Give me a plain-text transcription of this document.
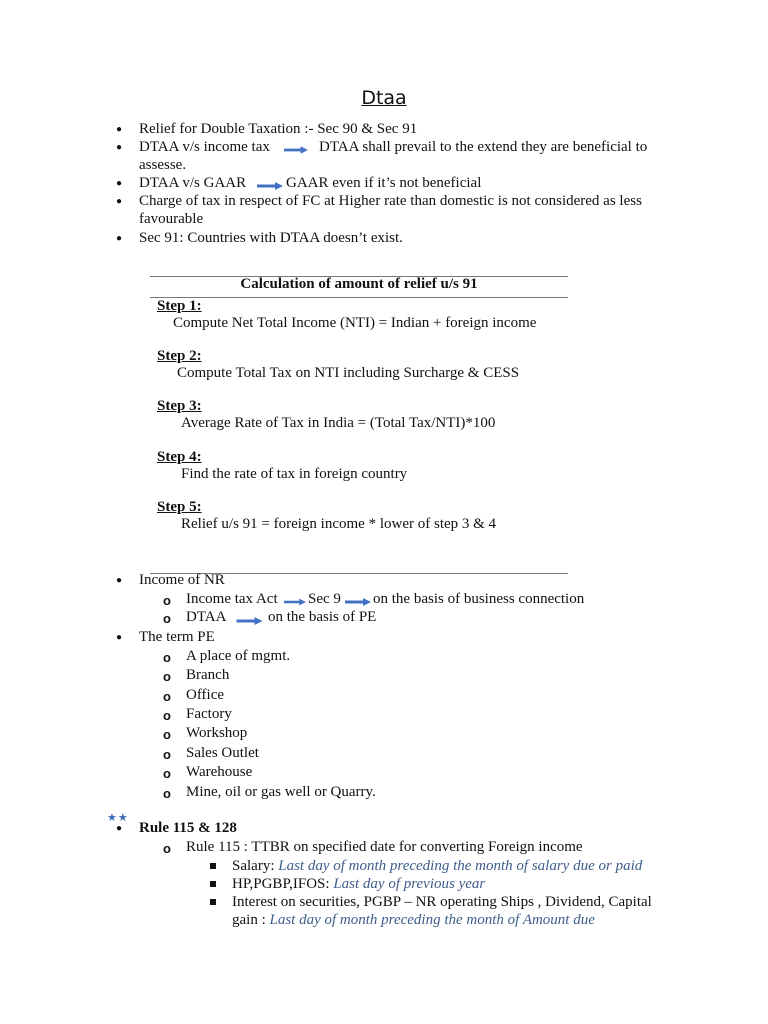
Dtaa
● Relief for Double Taxation :- Sec 90 & Sec 91
● DTAA v/s income tax	DTAA shall prevail to the extend they are beneficial to
assesse.
● DTAA v/s GAAR	GAAR even if it’s not beneficial
● Charge of tax in respect of FC at Higher rate than domestic is not considered as less
favourable
● Sec 91: Countries with DTAA doesn’t exist.
Calculation of amount of relief u/s 91
Step 1:
Compute Net Total Income (NTI) = Indian + foreign income
Step 2:
Compute Total Tax on NTI including Surcharge & CESS
Step 3:
Average Rate of Tax in India = (Total Tax/NTI)*100
Step 4:
Find the rate of tax in foreign country
Step 5:
Relief u/s 91 = foreign income * lower of step 3 & 4
● Income of NR
o Income tax Act Sec 9 on the basis of business connection
o DTAA	on the basis of PE
● The term PE
o A place of mgmt.
o Branch
o Office
o Factory
o Workshop
o Sales Outlet
o Warehouse
o Mine, oil or gas well or Quarry.
★★
● Rule 115 & 128
o Rule 115 : TTBR on specified date for converting Foreign income
Salary: Last day of month preceding the month of salary due or paid
HP,PGBP,IFOS: Last day of previous year
Interest on securities, PGBP – NR operating Ships , Dividend, Capital
gain : Last day of month preceding the month of Amount due
